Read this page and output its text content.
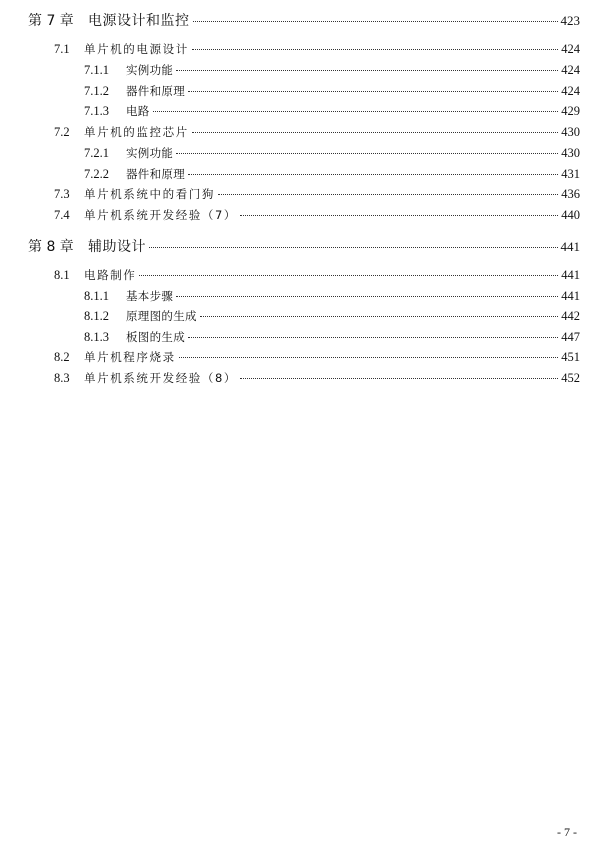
第 7 章	电源设计和监控	423
7.1	单片机的电源设计	424
7.1.1	实例功能	424
7.1.2	器件和原理	424
7.1.3	电路	429
7.2	单片机的监控芯片	430
7.2.1	实例功能	430
7.2.2	器件和原理	431
7.3	单片机系统中的看门狗	436
7.4	单片机系统开发经验（7）	440
第 8 章	辅助设计	441
8.1	电路制作	441
8.1.1	基本步骤	441
8.1.2	原理图的生成	442
8.1.3	板图的生成	447
8.2	单片机程序烧录	451
8.3	单片机系统开发经验（8）	452
- 7 -
